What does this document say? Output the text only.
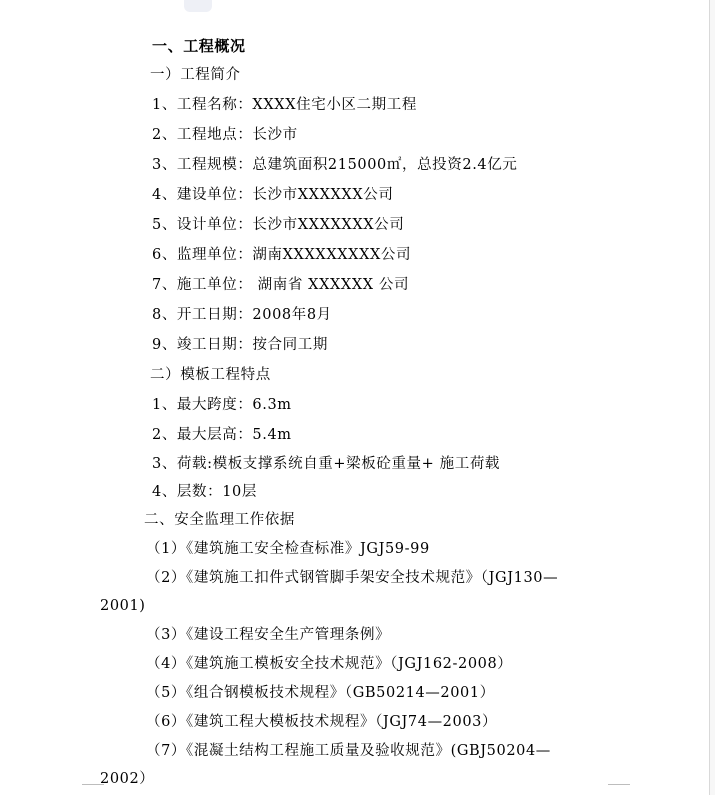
一、工程概况
一）工程简介
1、工程名称：XXXX住宅小区二期工程
2、工程地点：长沙市
3、工程规模：总建筑面积215000㎡，总投资2.4亿元
4、建设单位：长沙市XXXXXX公司
5、设计单位：长沙市XXXXXXX公司
6、监理单位：湖南XXXXXXXXX公司
7、施工单位： 湖南省 XXXXXX 公司
8、开工日期：2008年8月
9、竣工日期：按合同工期
二）模板工程特点
1、最大跨度：6.3m
2、最大层高：5.4m
3、荷载:模板支撑系统自重+梁板砼重量+ 施工荷载
4、层数：10层
二、安全监理工作依据
（1）《建筑施工安全检查标准》JGJ59-99
（2）《建筑施工扣件式钢管脚手架安全技术规范》（JGJ130—
2001)
（3）《建设工程安全生产管理条例》
（4）《建筑施工模板安全技术规范》（JGJ162-2008）
（5）《组合钢模板技术规程》（GB50214—2001）
（6）《建筑工程大模板技术规程》（JGJ74—2003）
（7）《混凝土结构工程施工质量及验收规范》(GBJ50204—
2002）
